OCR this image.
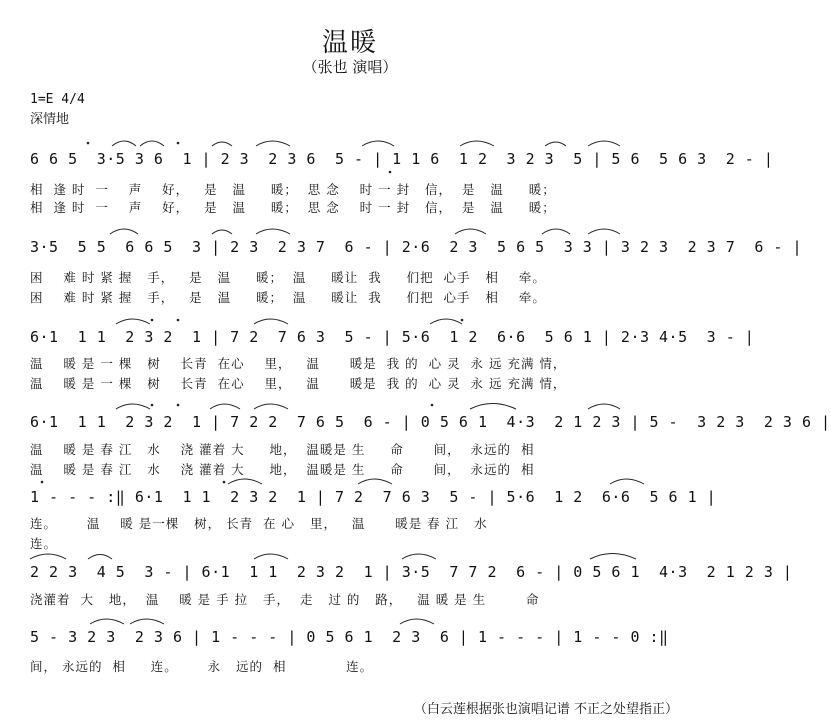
温暖
（张也 演唱）
1=E 4/4
深情地
6 6 5  3·5 3 6  1 | 2 3  2 3 6  5 - | 1 1 6  1 2  3 2 3  5 | 5 6  5 6 3  2 - |
相  逢 时  一    声    好，   是   温     暖；  思 念    时 一 封   信，  是   温     暖；
相  逢 时  一    声    好，   是   温     暖；  思 念    时 一 封   信，  是   温     暖；
3·5  5 5  6 6 5  3 | 2 3  2 3 7  6 - | 2·6  2 3  5 6 5  3 3 | 3 2 3  2 3 7  6 - |
困    难 时 紧 握   手，   是   温     暖；  温     暖让  我     们把  心手   相    牵。
困    难 时 紧 握   手，   是   温     暖；  温     暖让  我     们把  心手   相    牵。
6·1  1 1  2 3 2  1 | 7 2  7 6 3  5 - | 5·6  1 2  6·6  5 6 1 | 2·3 4·5  3 - |
温    暖 是 一 棵   树    长青  在心    里，   温      暖是  我 的  心 灵  永 远 充满 情，
温    暖 是 一 棵   树    长青  在心    里，   温      暖是  我 的  心 灵  永 远 充满 情，
6·1  1 1  2 3 2  1 | 7 2 2  7 6 5  6 - | 0 5 6 1  4·3  2 1 2 3 | 5 -  3 2 3  2 3 6 |
温    暖 是 春 江   水    浇 灌着 大     地，  温暖是 生     命      间，  永远的  相
温    暖 是 春 江   水    浇 灌着 大     地，  温暖是 生     命      间，  永远的  相
1 - - - :‖ 6·1  1 1  2 3 2  1 | 7 2  7 6 3  5 - | 5·6  1 2  6·6  5 6 1 |
连。      温    暖 是一棵   树， 长青  在 心   里，   温      暖是 春 江   水
连。
2 2 3  4 5  3 - | 6·1  1 1  2 3 2  1 | 3·5  7 7 2  6 - | 0 5 6 1  4·3  2 1 2 3 |
浇灌着  大   地，  温    暖 是 手 拉   手，  走   过 的   路，   温 暖 是 生        命
5 - 3 2 3  2 3 6 | 1 - - - | 0 5 6 1  2 3  6 | 1 - - - | 1 - - 0 :‖
间， 永远的  相     连。      永   远的  相            连。
（白云莲根据张也演唱记谱 不正之处望指正）
